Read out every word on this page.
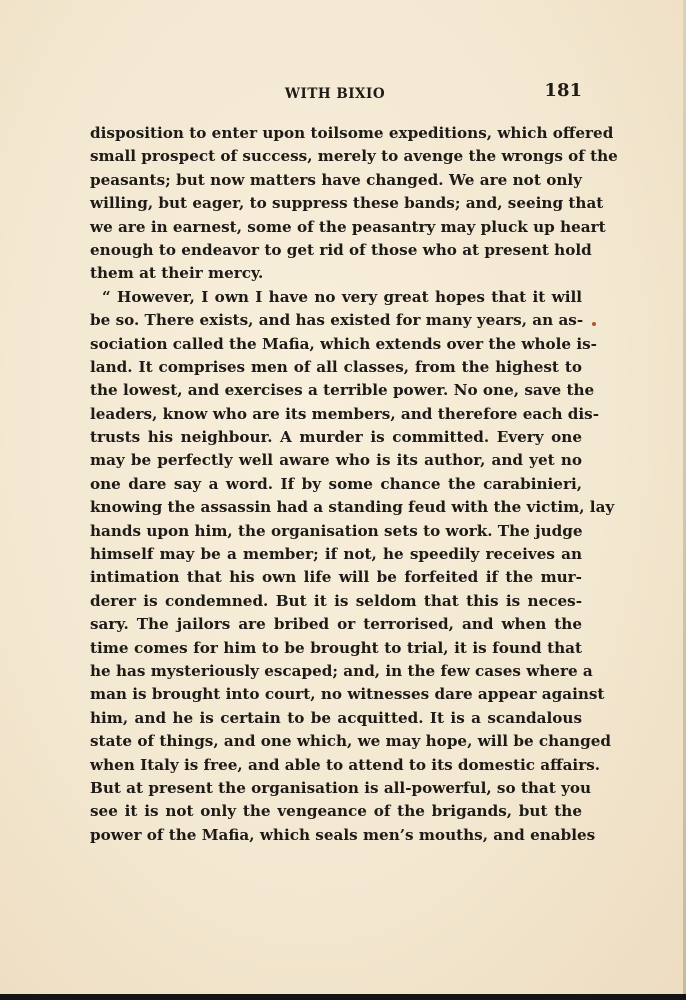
WITH BIXIO	181
disposition to enter upon toilsome expeditions, which offered
small prospect of success, merely to avenge the wrongs of the
peasants; but now matters have changed. We are not only
willing, but eager, to suppress these bands; and, seeing that
we are in earnest, some of the peasantry may pluck up heart
enough to endeavor to get rid of those who at present hold
them at their mercy.
“ However, I own I have no very great hopes that it will
be so. There exists, and has existed for many years, an as-
sociation called the Mafia, which extends over the whole is-
land. It comprises men of all classes, from the highest to
the lowest, and exercises a terrible power. No one, save the
leaders, know who are its members, and therefore each dis-
trusts his neighbour. A murder is committed. Every one
may be perfectly well aware who is its author, and yet no
one dare say a word. If by some chance the carabinieri,
knowing the assassin had a standing feud with the victim, lay
hands upon him, the organisation sets to work. The judge
himself may be a member; if not, he speedily receives an
intimation that his own life will be forfeited if the mur-
derer is condemned. But it is seldom that this is neces-
sary. The jailors are bribed or terrorised, and when the
time comes for him to be brought to trial, it is found that
he has mysteriously escaped; and, in the few cases where a
man is brought into court, no witnesses dare appear against
him, and he is certain to be acquitted. It is a scandalous
state of things, and one which, we may hope, will be changed
when Italy is free, and able to attend to its domestic affairs.
But at present the organisation is all-powerful, so that you
see it is not only the vengeance of the brigands, but the
power of the Mafia, which seals men’s mouths, and enables
